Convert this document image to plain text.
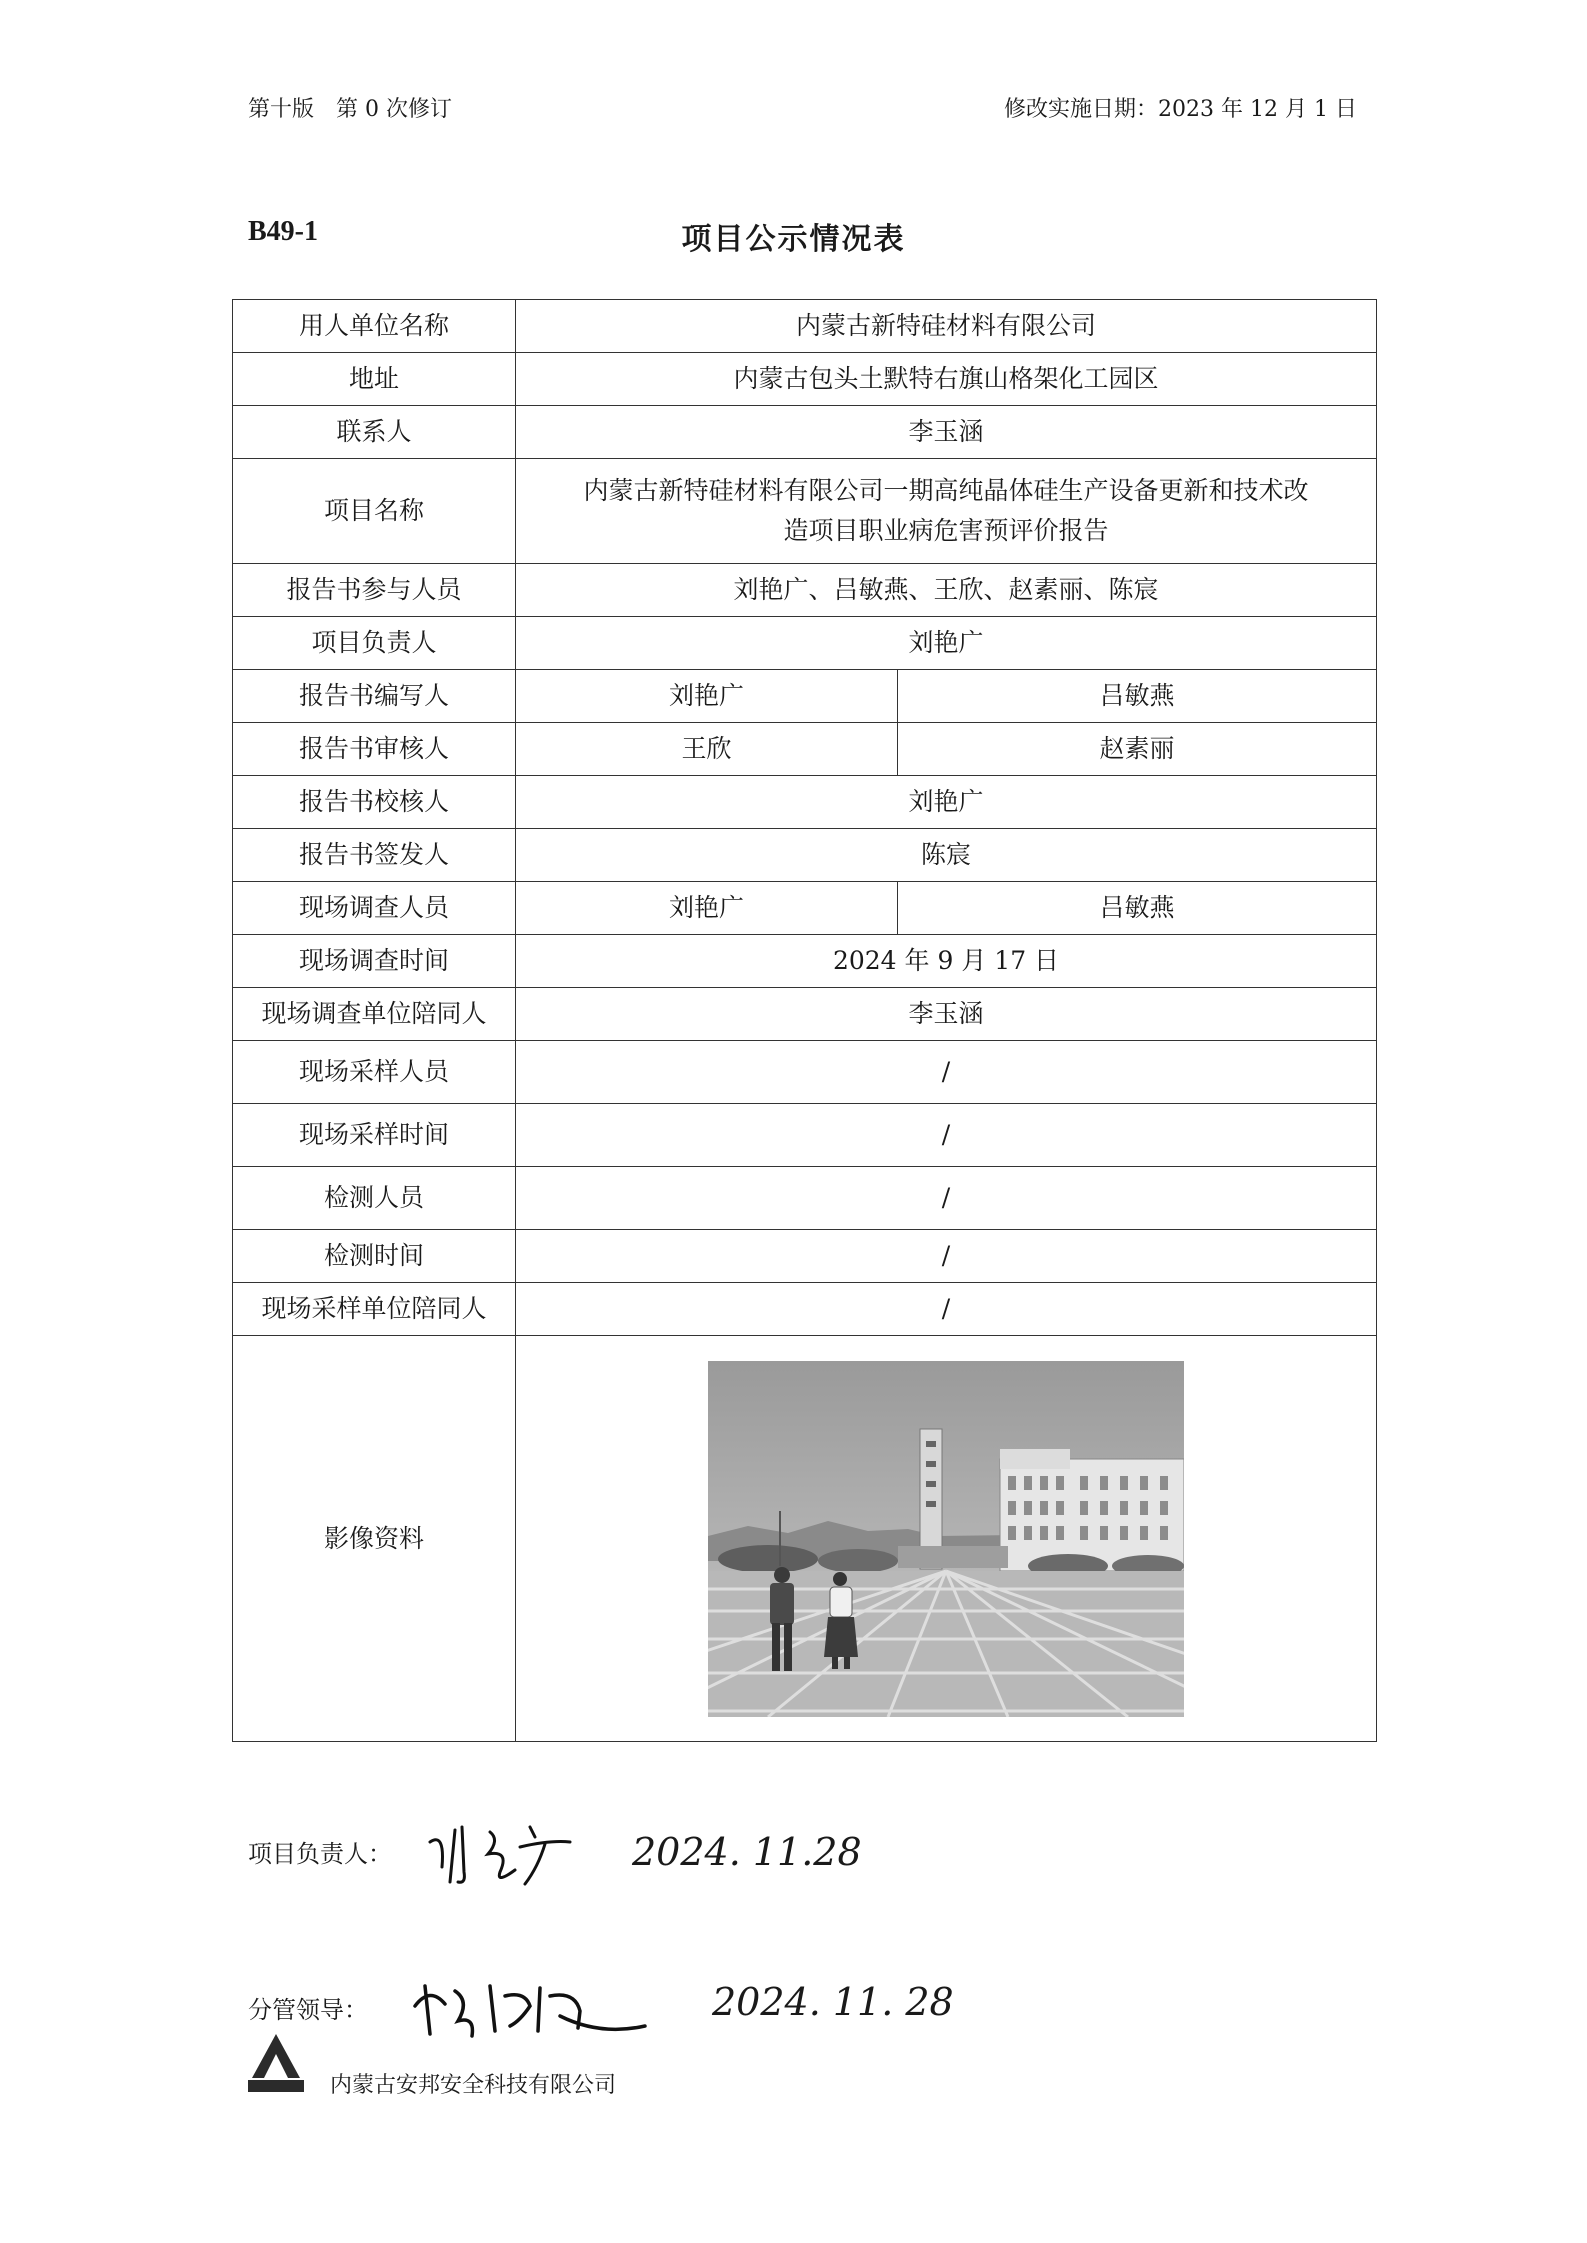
第十版　第 0 次修订	修改实施日期：2023 年 12 月 1 日
B49-1	项目公示情况表
用人单位名称	内蒙古新特硅材料有限公司	
地址	内蒙古包头土默特右旗山格架化工园区	
联系人	李玉涵	
项目名称	内蒙古新特硅材料有限公司一期高纯晶体硅生产设备更新和技术改
造项目职业病危害预评价报告	

报告书参与人员	刘艳广、吕敏燕、王欣、赵素丽、陈宸	
项目负责人	刘艳广	
报告书编写人	刘艳广	吕敏燕
报告书审核人	王欣	赵素丽
报告书校核人	刘艳广	
报告书签发人	陈宸	
现场调查人员	刘艳广	吕敏燕
现场调查时间	2024 年 9 月 17 日	
现场调查单位陪同人	李玉涵	
现场采样人员	/	
现场采样时间	/	
检测人员	/	
检测时间	/	
现场采样单位陪同人	/	
影像资料	
项目负责人：	2024. 11.28
分管领导：	2024. 11. 28
内蒙古安邦安全科技有限公司
